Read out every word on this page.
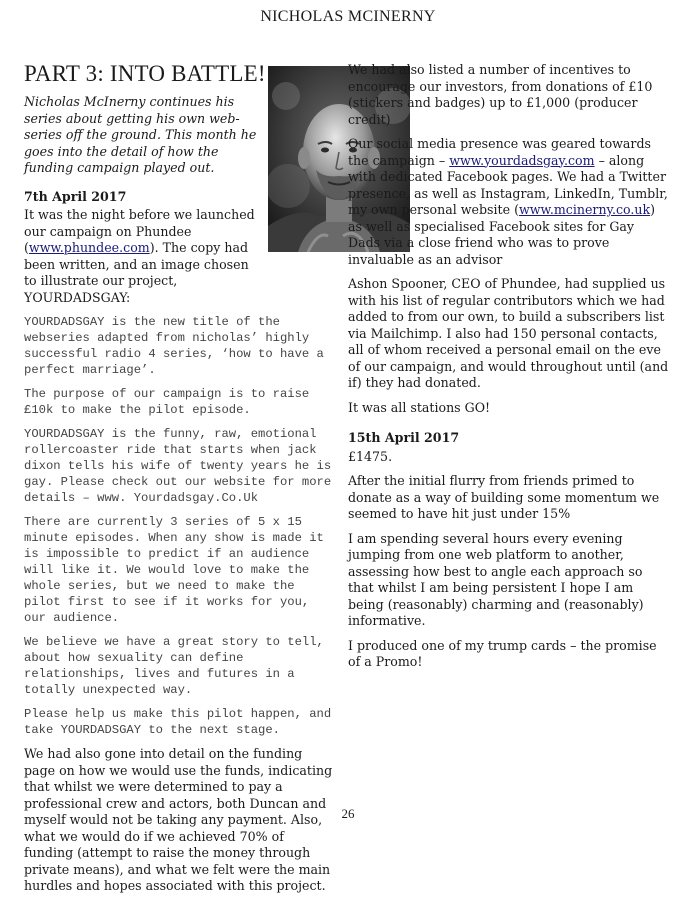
NICHOLAS MCINERNY
PART 3: INTO BATTLE!

Nicholas McInerny continues his series about getting his own web-series off the ground. This month he goes into the detail of how the funding campaign played out.

7th April 2017

It was the night before we launched our campaign on Phundee (www.phundee.com). The copy had been written, and an image chosen to illustrate our project, YOURDADSGAY:

YOURDADSGAY is the new title of the webseries adapted from nicholas’ highly successful radio 4 series, ‘how to have a perfect marriage’.

The purpose of our campaign is to raise £10k to make the pilot episode.

YOURDADSGAY is the funny, raw, emotional rollercoaster ride that starts when jack dixon tells his wife of twenty years he is gay. Please check out our website for more details – www. Yourdadsgay.Co.Uk

There are currently 3 series of 5 x 15 minute episodes. When any show is made it is impossible to predict if an audience will like it. We would love to make the whole series, but we need to make the pilot first to see if it works for you, our audience.

We believe we have a great story to tell, about how sexuality can define relationships, lives and futures in a totally unexpected way.

Please help us make this pilot happen, and take YOURDADSGAY to the next stage.

We had also gone into detail on the funding page on how we would use the funds, indicating that whilst we were determined to pay a professional crew and actors, both Duncan and myself would not be taking any payment. Also, what we would do if we achieved 70% of funding (attempt to raise the money through private means), and what we felt were the main hurdles and hopes associated with this project.

We had also listed a number of incentives to encourage our investors, from donations of £10 (stickers and badges) up to £1,000 (producer credit)

Our social media presence was geared towards the campaign – www.yourdadsgay.com – along with dedicated Facebook pages. We had a Twitter presence, as well as Instagram, LinkedIn, Tumblr, my own personal website (www.mcinerny.co.uk) as well as specialised Facebook sites for Gay Dads via a close friend who was to prove invaluable as an advisor

Ashon Spooner, CEO of Phundee, had supplied us with his list of regular contributors which we had added to from our own, to build a subscribers list via Mailchimp. I also had 150 personal contacts, all of whom received a personal email on the eve of our campaign, and would throughout until (and if) they had donated.

It was all stations GO!

15th April 2017

£1475.

After the initial flurry from friends primed to donate as a way of building some momentum we seemed to have hit just under 15%

I am spending several hours every evening jumping from one web platform to another, assessing how best to angle each approach so that whilst I am being persistent I hope I am being (reasonably) charming and (reasonably) informative.

I produced one of my trump cards – the promise of a Promo!

26
